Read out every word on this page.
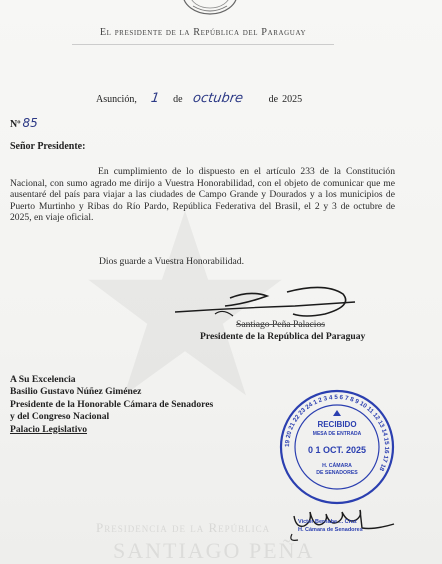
El presidente de la República del Paraguay
Asunción, 1 de octubre de 2025
Nº 85
Señor Presidente:
En cumplimiento de lo dispuesto en el artículo 233 de la Constitución Nacional, con sumo agrado me dirijo a Vuestra Honorabilidad, con el objeto de comunicar que me ausentaré del país para viajar a las ciudades de Campo Grande y Dourados y a los municipios de Puerto Murtinho y Ribas do Río Pardo, República Federativa del Brasil, el 2 y 3 de octubre de 2025, en viaje oficial.
Dios guarde a Vuestra Honorabilidad.
Santiago Peña Palacios
Presidente de la República del Paraguay
A Su Excelencia
Basilio Gustavo Núñez Giménez
Presidente de la Honorable Cámara de Senadores
y del Congreso Nacional
Palacio Legislativo
19 20 21 22 23 24 1 2 3 4 5 6 7 8 9 10 11 12 13 14 15 16 17 18
RECIBIDO
MESA DE ENTRADA
0 1 OCT. 2025
H. CÁMARA
DE SENADORES
Victor Bernabe ... Cruz
H. Cámara de Senadores
Presidencia de la República
SANTIAGO PEÑA
